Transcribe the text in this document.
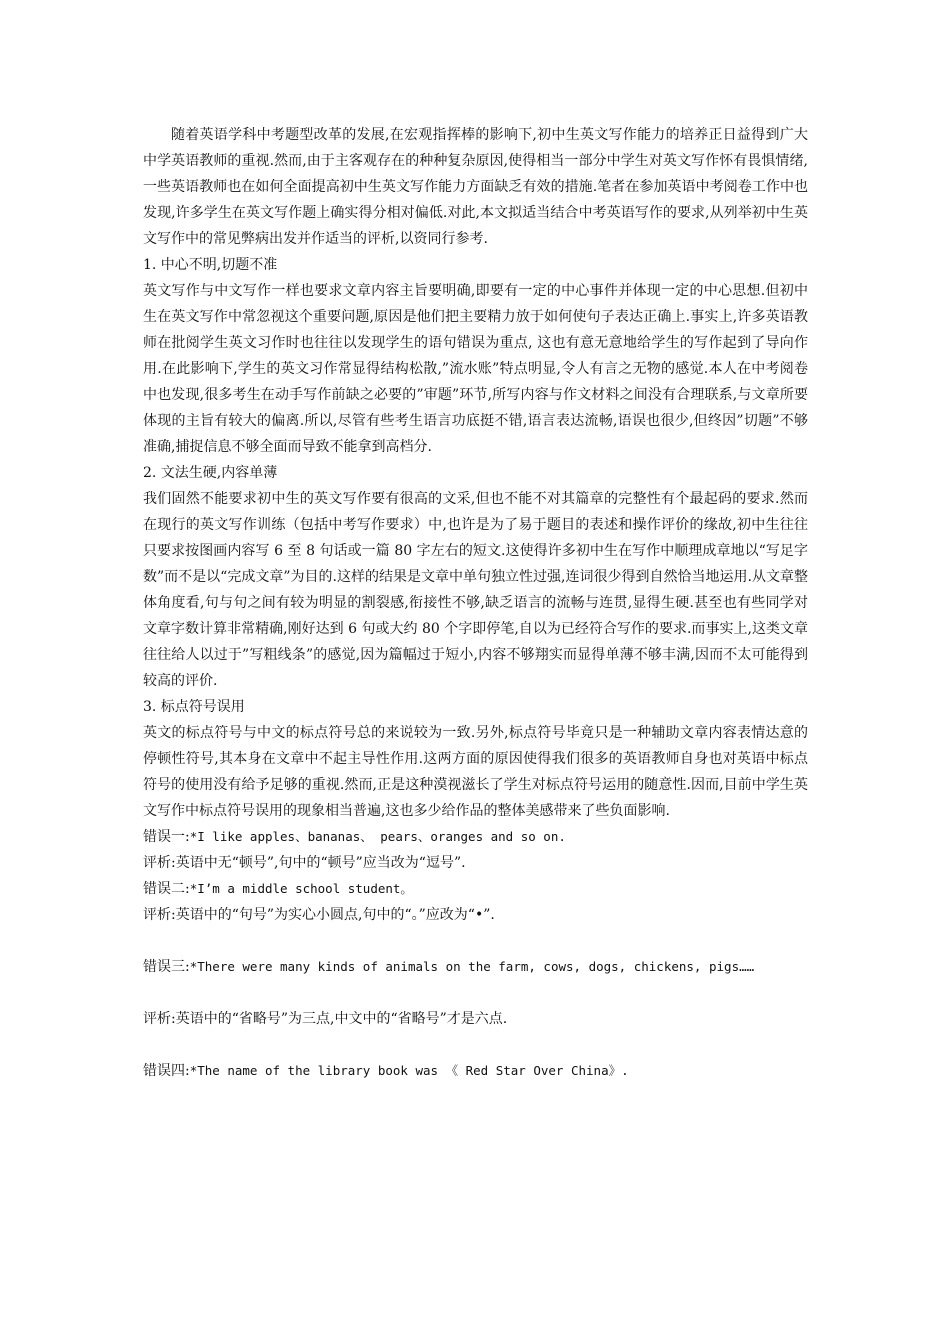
随着英语学科中考题型改革的发展,在宏观指挥棒的影响下,初中生英文写作能力的培养正日益得到广大中学英语教师的重视.然而,由于主客观存在的种种复杂原因,使得相当一部分中学生对英文写作怀有畏惧情绪,一些英语教师也在如何全面提高初中生英文写作能力方面缺乏有效的措施.笔者在参加英语中考阅卷工作中也发现,许多学生在英文写作题上确实得分相对偏低.对此,本文拟适当结合中考英语写作的要求,从列举初中生英文写作中的常见弊病出发并作适当的评析,以资同行参考.

1. 中心不明,切题不准

英文写作与中文写作一样也要求文章内容主旨要明确,即要有一定的中心事件并体现一定的中心思想.但初中生在英文写作中常忽视这个重要问题,原因是他们把主要精力放于如何使句子表达正确上.事实上,许多英语教师在批阅学生英文习作时也往往以发现学生的语句错误为重点, 这也有意无意地给学生的写作起到了导向作用.在此影响下,学生的英文习作常显得结构松散,”流水账”特点明显,令人有言之无物的感觉.本人在中考阅卷中也发现,很多考生在动手写作前缺之必要的”审题”环节,所写内容与作文材料之间没有合理联系,与文章所要体现的主旨有较大的偏离.所以,尽管有些考生语言功底挺不错,语言表达流畅,语误也很少,但终因”切题”不够准确,捕捉信息不够全面而导致不能拿到高档分.

2. 文法生硬,内容单薄

我们固然不能要求初中生的英文写作要有很高的文采,但也不能不对其篇章的完整性有个最起码的要求.然而在现行的英文写作训练（包括中考写作要求）中,也许是为了易于题目的表述和操作评价的缘故,初中生往往只要求按图画内容写 6 至 8 句话或一篇 80 字左右的短文.这使得许多初中生在写作中顺理成章地以“写足字数”而不是以“完成文章”为目的.这样的结果是文章中单句独立性过强,连词很少得到自然恰当地运用.从文章整体角度看,句与句之间有较为明显的割裂感,衔接性不够,缺乏语言的流畅与连贯,显得生硬.甚至也有些同学对文章字数计算非常精确,刚好达到 6 句或大约 80 个字即停笔,自以为已经符合写作的要求.而事实上,这类文章往往给人以过于”写粗线条”的感觉,因为篇幅过于短小,内容不够翔实而显得单薄不够丰满,因而不太可能得到较高的评价.

3. 标点符号误用

英文的标点符号与中文的标点符号总的来说较为一致.另外,标点符号毕竟只是一种辅助文章内容表情达意的停顿性符号,其本身在文章中不起主导性作用.这两方面的原因使得我们很多的英语教师自身也对英语中标点符号的使用没有给予足够的重视.然而,正是这种漠视滋长了学生对标点符号运用的随意性.因而,目前中学生英文写作中标点符号误用的现象相当普遍,这也多少给作品的整体美感带来了些负面影响.

错误一:*I like apples、bananas、 pears、oranges and so on.

评析:英语中无“顿号”,句中的“顿号”应当改为“逗号”.

错误二:*I’m a middle school student。

评析:英语中的“句号”为实心小圆点,句中的“。”应改为“•”.

错误三:*There were many kinds of animals on the farm, cows, dogs, chickens, pigs……

评析:英语中的“省略号”为三点,中文中的“省略号”才是六点.

错误四:*The name of the library book was 《 Red Star Over China》.
